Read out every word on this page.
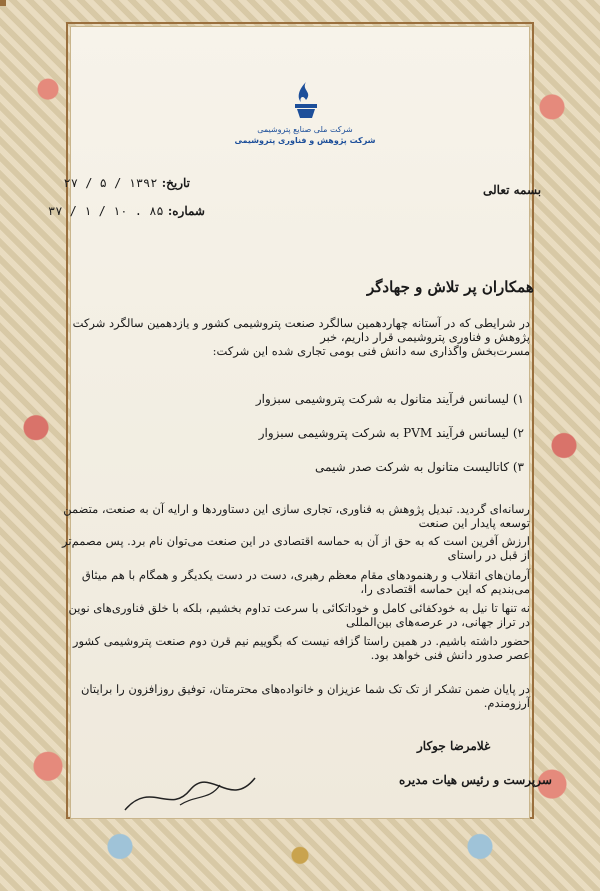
شرکت ملی صنایع پتروشیمی
شرکت پژوهش و فناوری پتروشیمی
بسمه تعالی
تاریخ: ۱۳۹۲ / ۵ / ۲۷
شماره: ۸۵ . ۱۰ / ۱ / ۳۷
همکاران پر تلاش و جهادگر
در شرایطی که در آستانه چهاردهمین سالگرد صنعت پتروشیمی کشور و یازدهمین سالگرد شرکت پژوهش و فناوری پتروشیمی قرار داریم، خبر
مسرت‌بخش واگذاری سه دانش فنی بومی تجاری شده این شرکت:
۱) لیسانس فرآیند متانول به شرکت پتروشیمی سبزوار
۲) لیسانس فرآیند PVM به شرکت پتروشیمی سبزوار
۳) کاتالیست متانول به شرکت صدر شیمی
رسانه‌ای گردید. تبدیل پژوهش به فناوری، تجاری سازی این دستاوردها و ارایه آن به صنعت، متضمن توسعه پایدار این صنعت
ارزش آفرین است که به حق از آن به حماسه اقتصادی در این صنعت می‌توان نام برد. پس مصمم‌تر از قبل در راستای
آرمان‌های انقلاب و رهنمودهای مقام معظم رهبری، دست در دست یکدیگر و همگام با هم میثاق می‌بندیم که این حماسه اقتصادی را،
نه تنها تا نیل به خودکفائی کامل و خوداتکائی با سرعت تداوم بخشیم، بلکه با خلق فناوری‌های نوین در تراز جهانی، در عرصه‌های بین‌المللی
حضور داشته باشیم. در همین راستا گزافه نیست که بگوییم نیم قرن دوم صنعت پتروشیمی کشور عصر صدور دانش فنی خواهد بود.
در پایان ضمن تشکر از تک تک شما عزیزان و خانواده‌های محترمتان، توفیق روزافزون را برایتان آرزومندم.
غلامرضا جوکار
سرپرست و رئیس هیات مدیره
